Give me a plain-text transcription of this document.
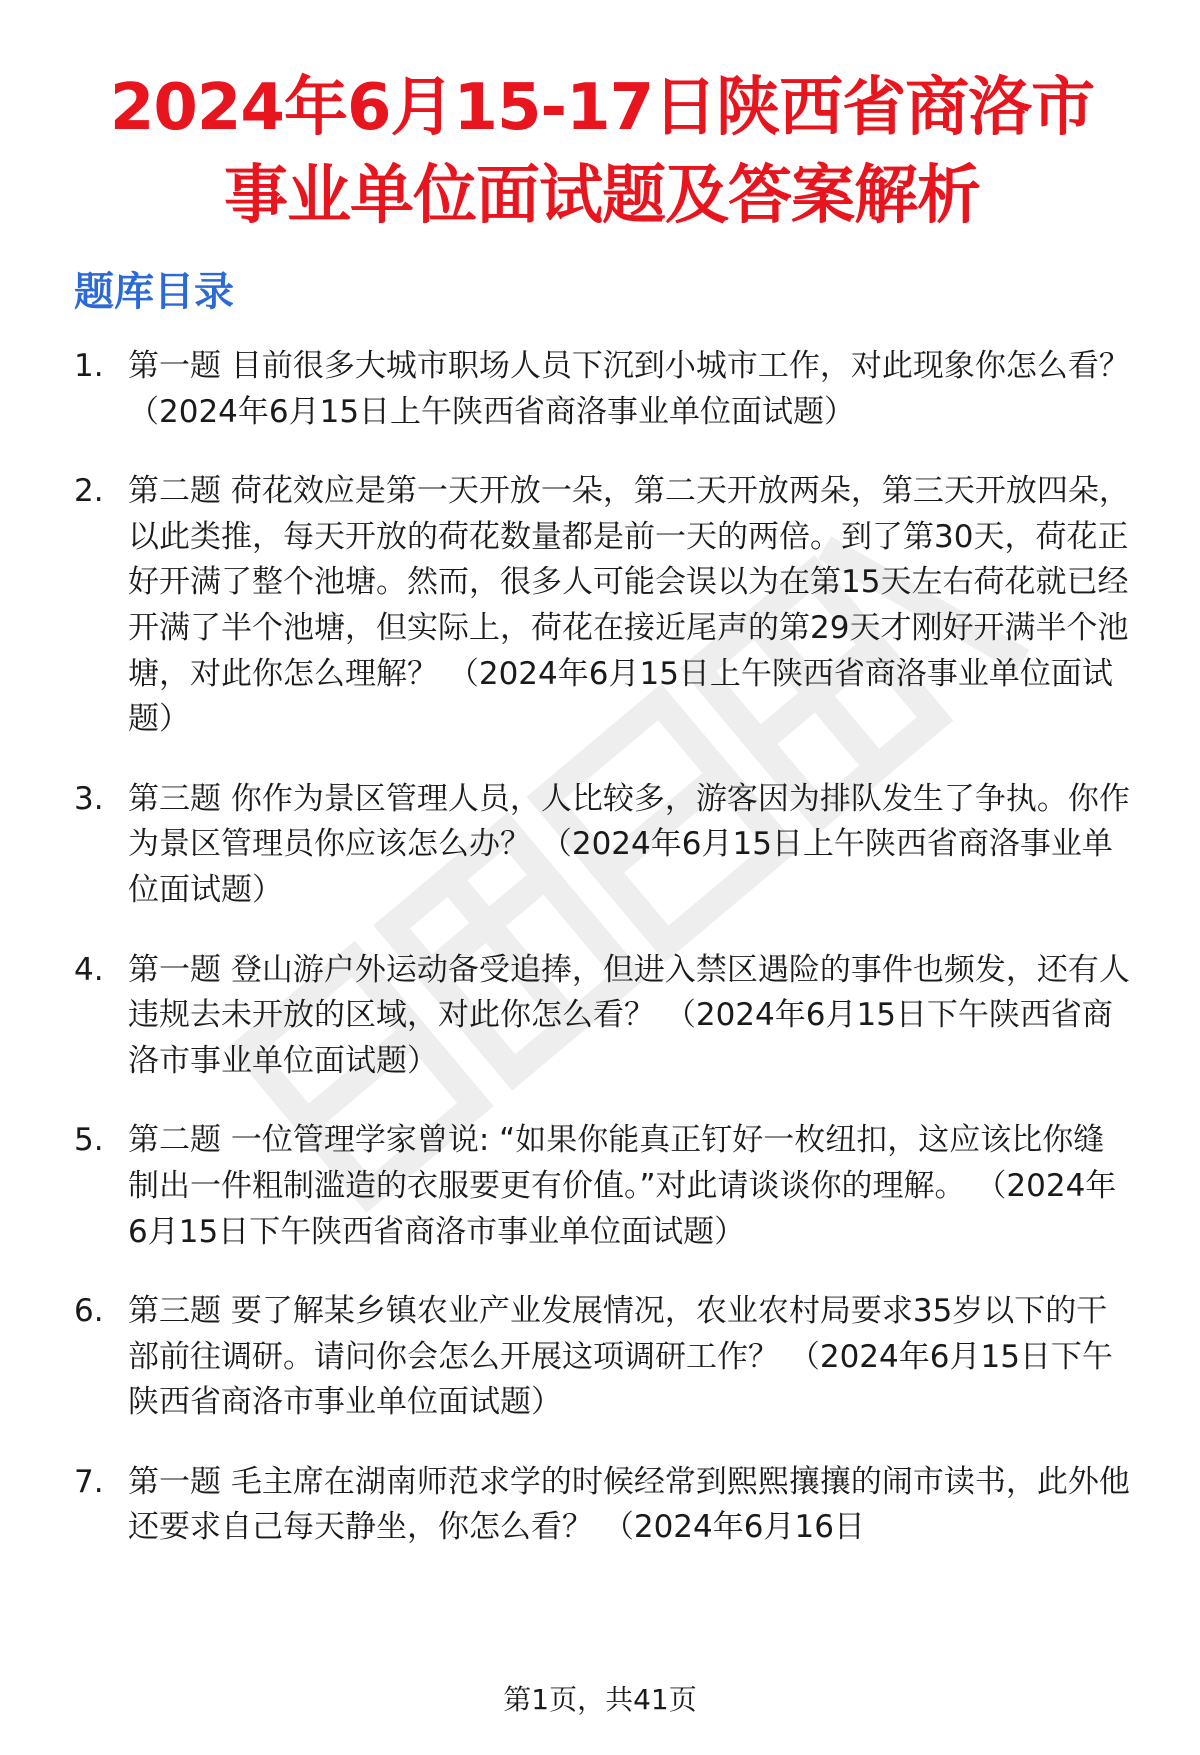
2024年6月15-17日陕西省商洛市
事业单位面试题及答案解析
题库目录
1. 第一题 目前很多大城市职场人员下沉到小城市工作，对此现象你怎么看？ （2024年6月15日上午陕西省商洛事业单位面试题）
2. 第二题 荷花效应是第一天开放一朵，第二天开放两朵，第三天开放四朵，以此类推，每天开放的荷花数量都是前一天的两倍。到了第30天，荷花正好开满了整个池塘。然而，很多人可能会误以为在第15天左右荷花就已经开满了半个池塘，但实际上，荷花在接近尾声的第29天才刚好开满半个池塘，对此你怎么理解？ （2024年6月15日上午陕西省商洛事业单位面试题）
3. 第三题 你作为景区管理人员，人比较多，游客因为排队发生了争执。你作为景区管理员你应该怎么办？ （2024年6月15日上午陕西省商洛事业单位面试题）
4. 第一题 登山游户外运动备受追捧，但进入禁区遇险的事件也频发，还有人违规去未开放的区域，对此你怎么看？ （2024年6月15日下午陕西省商洛市事业单位面试题）
5. 第二题 一位管理学家曾说: “如果你能真正钉好一枚纽扣，这应该比你缝制出一件粗制滥造的衣服要更有价值。”对此请谈谈你的理解。 （2024年6月15日下午陕西省商洛市事业单位面试题）
6. 第三题 要了解某乡镇农业产业发展情况，农业农村局要求35岁以下的干部前往调研。请问你会怎么开展这项调研工作？ （2024年6月15日下午陕西省商洛市事业单位面试题）
7. 第一题 毛主席在湖南师范求学的时候经常到熙熙攘攘的闹市读书，此外他还要求自己每天静坐，你怎么看？ （2024年6月16日
第1页，共41页
